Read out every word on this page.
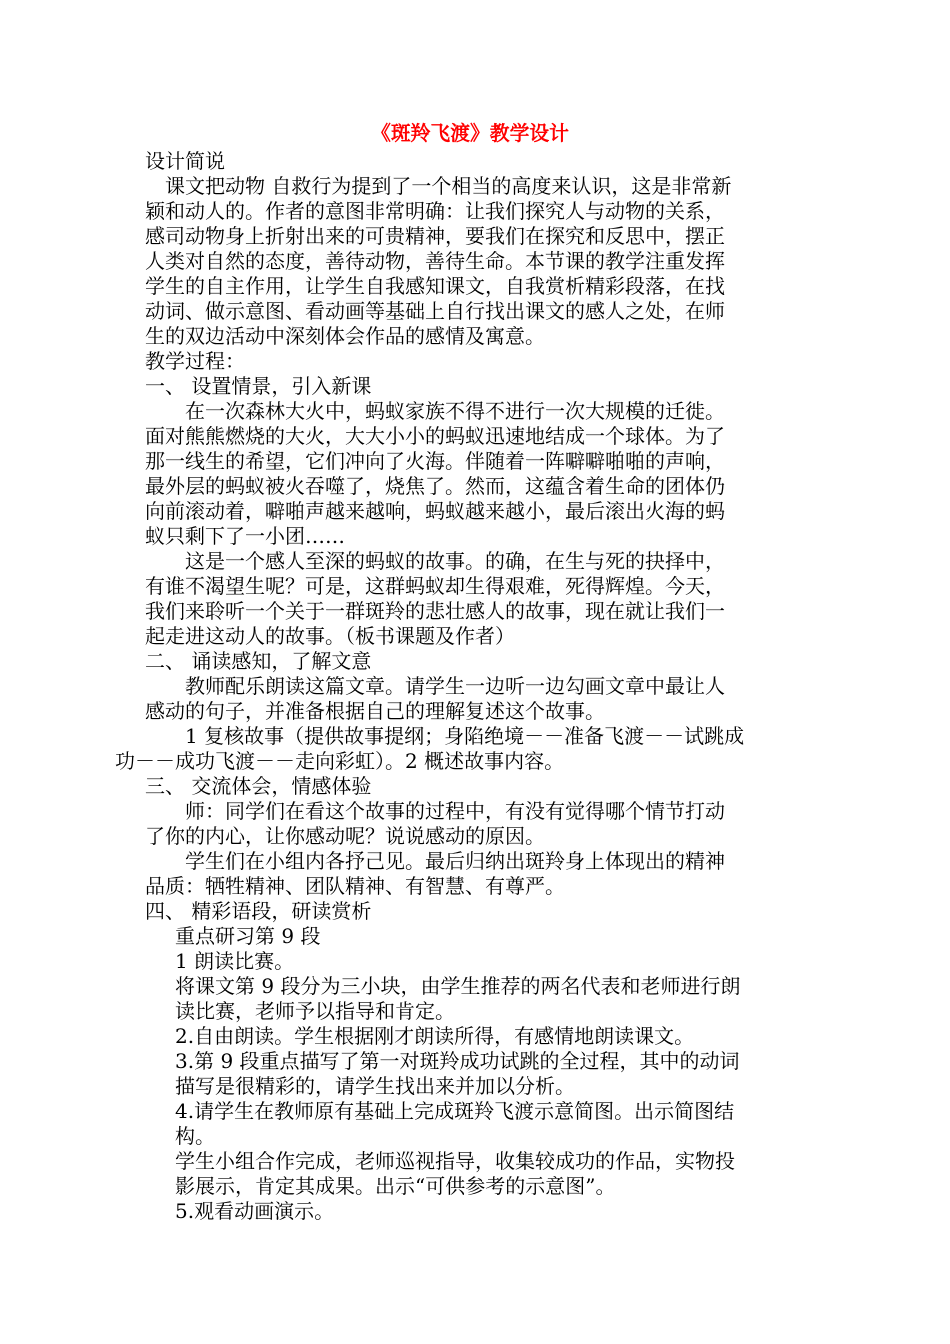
《斑羚飞渡》教学设计
设计简说
课文把动物 自救行为提到了一个相当的高度来认识，这是非常新
颖和动人的。作者的意图非常明确：让我们探究人与动物的关系，
感司动物身上折射出来的可贵精神，要我们在探究和反思中，摆正
人类对自然的态度，善待动物，善待生命。本节课的教学注重发挥
学生的自主作用，让学生自我感知课文，自我赏析精彩段落，在找
动词、做示意图、看动画等基础上自行找出课文的感人之处，在师
生的双边活动中深刻体会作品的感情及寓意。
教学过程：
一、 设置情景，引入新课
在一次森林大火中，蚂蚁家族不得不进行一次大规模的迁徙。
面对熊熊燃烧的大火，大大小小的蚂蚁迅速地结成一个球体。为了
那一线生的希望，它们冲向了火海。伴随着一阵噼噼啪啪的声响，
最外层的蚂蚁被火吞噬了，烧焦了。然而，这蕴含着生命的团体仍
向前滚动着，噼啪声越来越响，蚂蚁越来越小，最后滚出火海的蚂
蚁只剩下了一小团……
这是一个感人至深的蚂蚁的故事。的确，在生与死的抉择中，
有谁不渴望生呢？可是，这群蚂蚁却生得艰难，死得辉煌。今天，
我们来聆听一个关于一群斑羚的悲壮感人的故事，现在就让我们一
起走进这动人的故事。（板书课题及作者）
二、 诵读感知，了解文意
教师配乐朗读这篇文章。请学生一边听一边勾画文章中最让人
感动的句子，并准备根据自己的理解复述这个故事。
1 复核故事（提供故事提纲；身陷绝境－－准备飞渡－－试跳成
功－－成功飞渡－－走向彩虹）。2 概述故事内容。
三、 交流体会，情感体验
师：同学们在看这个故事的过程中，有没有觉得哪个情节打动
了你的内心，让你感动呢？说说感动的原因。
学生们在小组内各抒己见。最后归纳出斑羚身上体现出的精神
品质：牺牲精神、团队精神、有智慧、有尊严。
四、 精彩语段，研读赏析
重点研习第 9 段
1 朗读比赛。
将课文第 9 段分为三小块，由学生推荐的两名代表和老师进行朗
读比赛，老师予以指导和肯定。
2.自由朗读。学生根据刚才朗读所得，有感情地朗读课文。
3.第 9 段重点描写了第一对斑羚成功试跳的全过程，其中的动词
描写是很精彩的，请学生找出来并加以分析。
4.请学生在教师原有基础上完成斑羚飞渡示意简图。出示简图结
构。
学生小组合作完成，老师巡视指导，收集较成功的作品，实物投
影展示，肯定其成果。出示“可供参考的示意图”。
5.观看动画演示。
